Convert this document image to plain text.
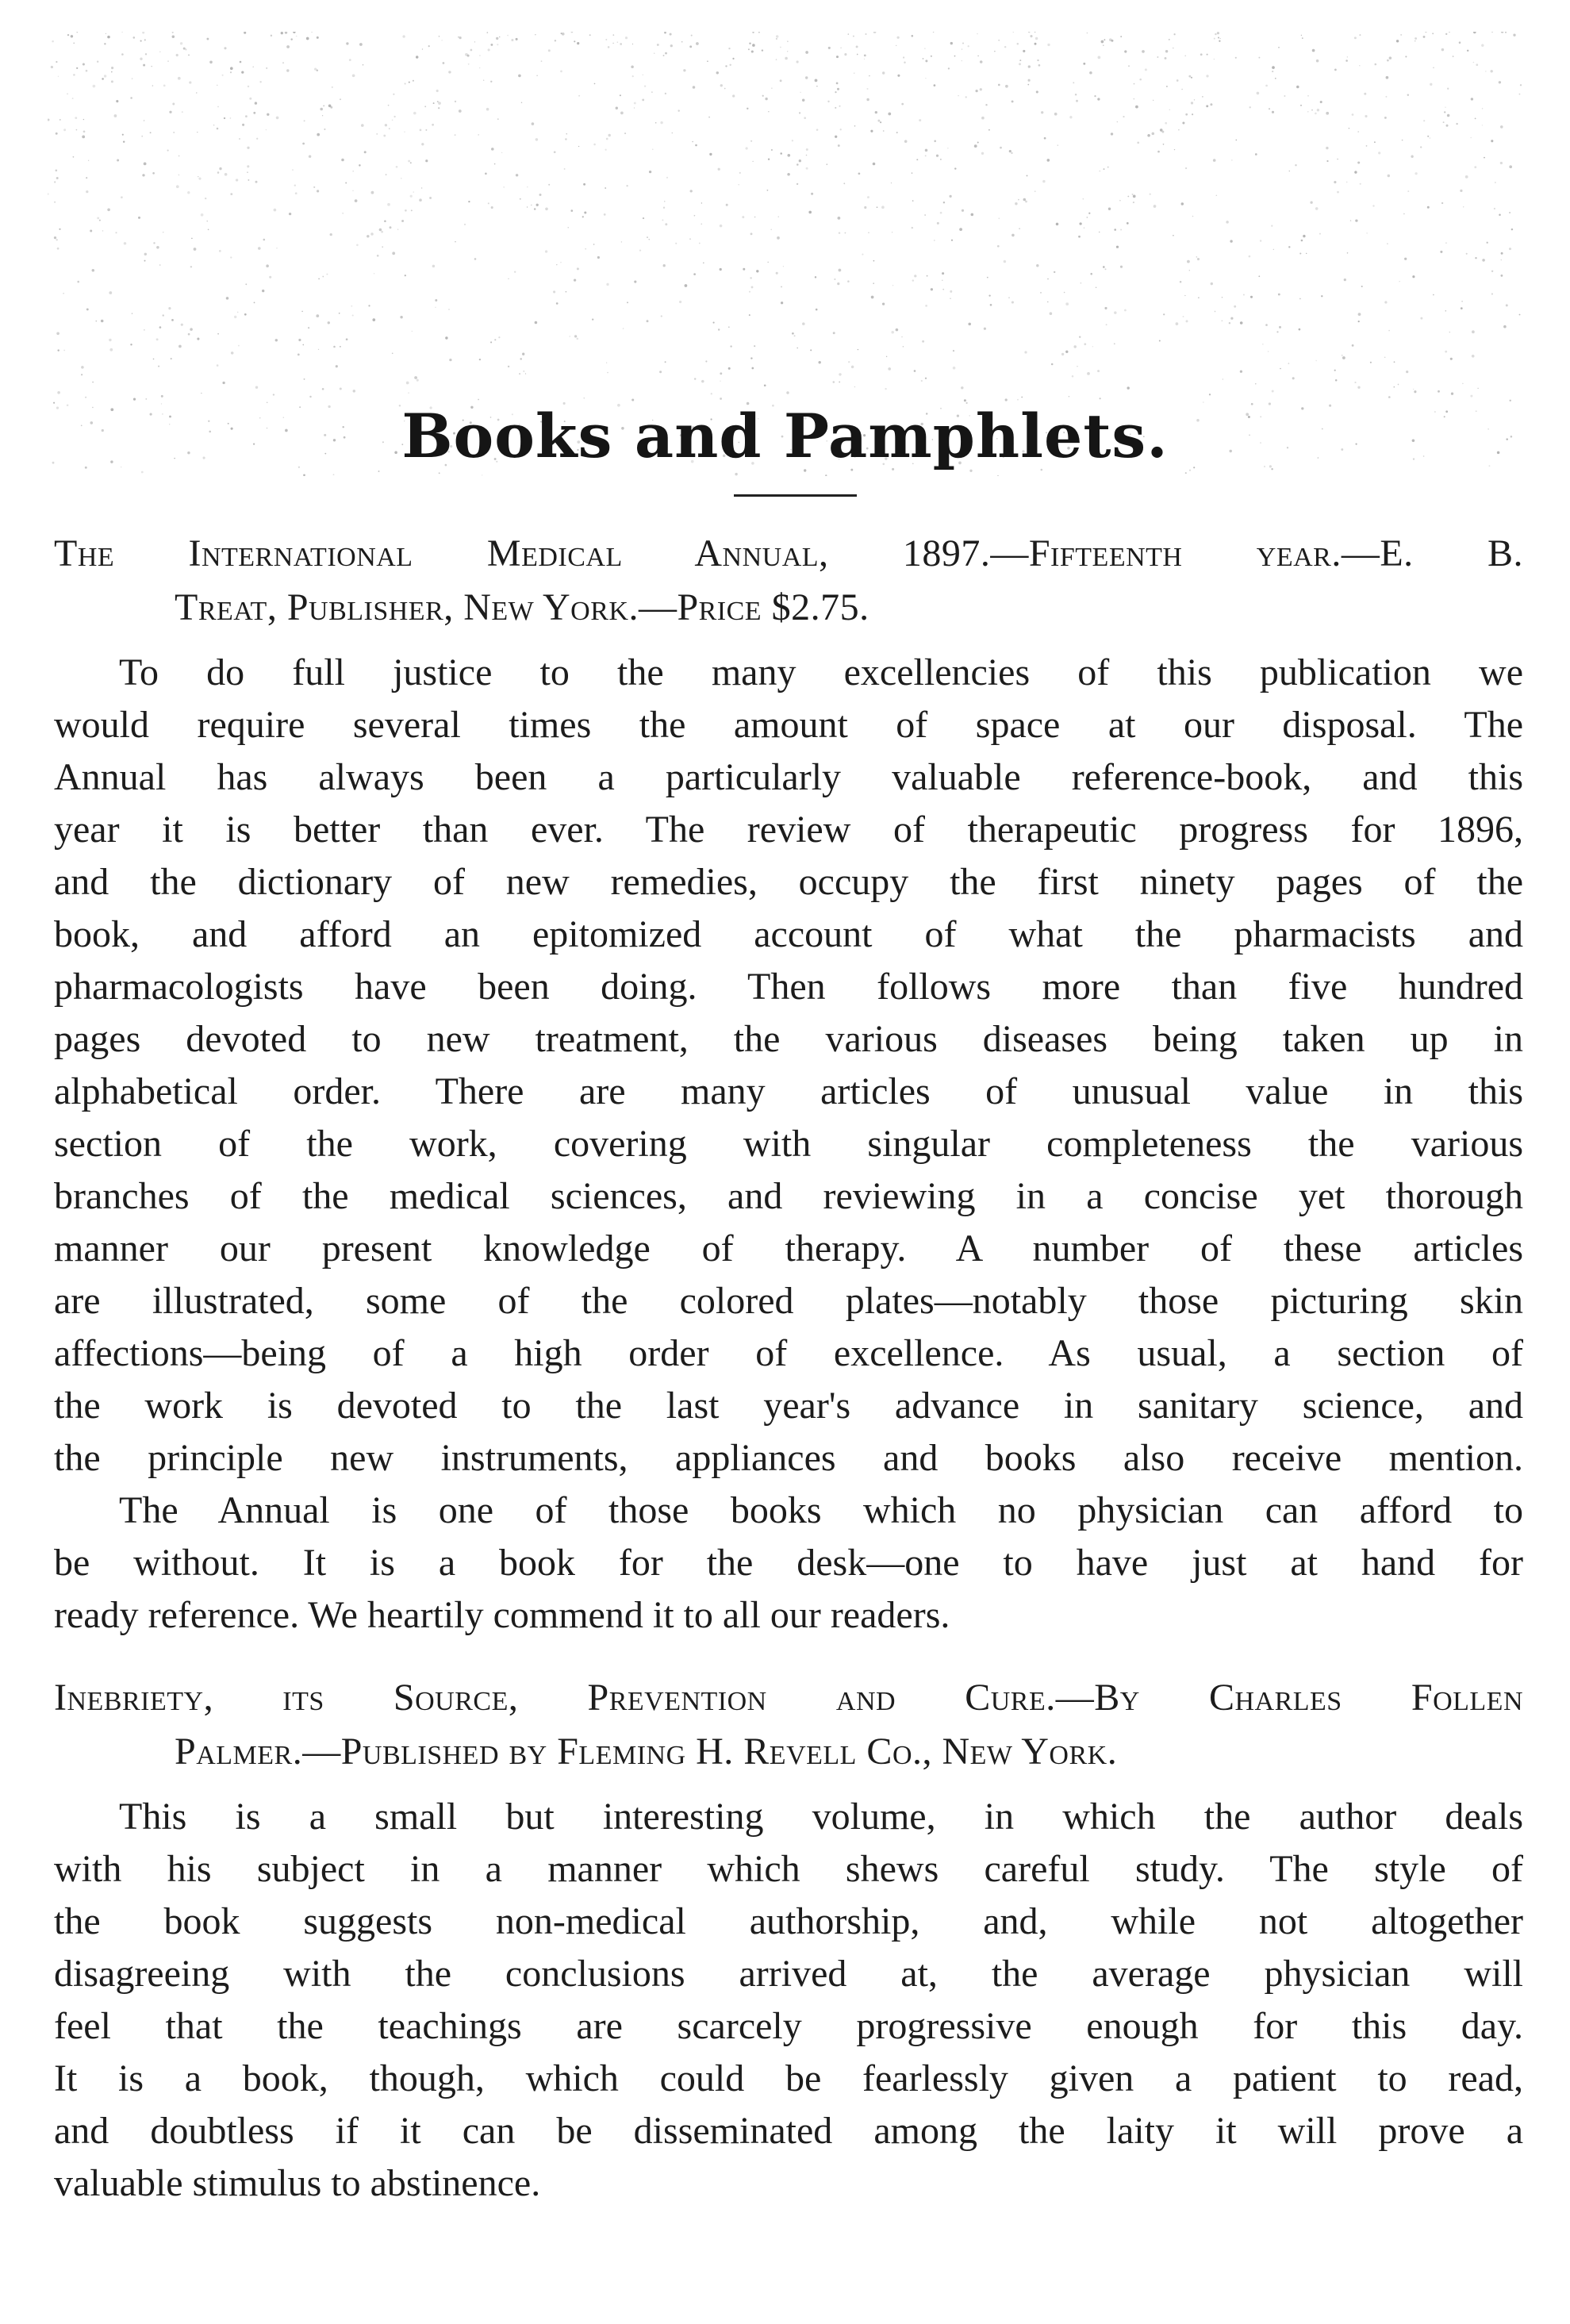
Books and Pamphlets.
The International Medical Annual, 1897.—Fifteenth year.—E. B.
Treat, Publisher, New York.—Price $2.75.
To do full justice to the many excellencies of this publication we
would require several times the amount of space at our disposal. The
Annual has always been a particularly valuable reference-book, and this
year it is better than ever. The review of therapeutic progress for 1896,
and the dictionary of new remedies, occupy the first ninety pages of the
book, and afford an epitomized account of what the pharmacists and
pharmacologists have been doing. Then follows more than five hundred
pages devoted to new treatment, the various diseases being taken up in
alphabetical order. There are many articles of unusual value in this
section of the work, covering with singular completeness the various
branches of the medical sciences, and reviewing in a concise yet thorough
manner our present knowledge of therapy. A number of these articles
are illustrated, some of the colored plates—notably those picturing skin
affections—being of a high order of excellence. As usual, a section of
the work is devoted to the last year's advance in sanitary science, and
the principle new instruments, appliances and books also receive mention.
The Annual is one of those books which no physician can afford to
be without. It is a book for the desk—one to have just at hand for
ready reference. We heartily commend it to all our readers.
Inebriety, its Source, Prevention and Cure.—By Charles Follen
Palmer.—Published by Fleming H. Revell Co., New York.
This is a small but interesting volume, in which the author deals
with his subject in a manner which shews careful study. The style of
the book suggests non-medical authorship, and, while not altogether
disagreeing with the conclusions arrived at, the average physician will
feel that the teachings are scarcely progressive enough for this day.
It is a book, though, which could be fearlessly given a patient to read,
and doubtless if it can be disseminated among the laity it will prove a
valuable stimulus to abstinence.
